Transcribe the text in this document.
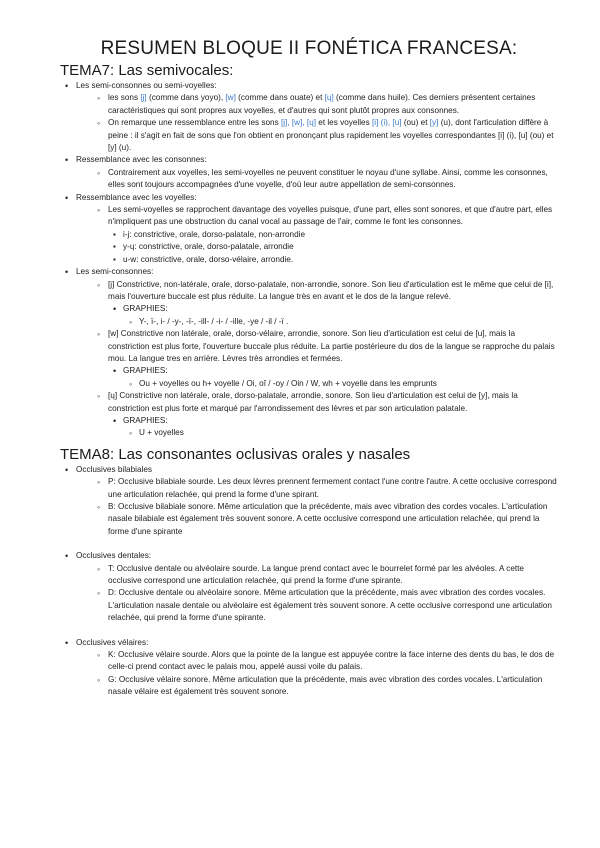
RESUMEN BLOQUE II FONÉTICA FRANCESA:
TEMA7: Las semivocales:
• Les semi-consonnes ou semi-voyelles:
◦ les sons [j] (comme dans yoyo), [w] (comme dans ouate) et [ɥ] (comme dans huile). Ces derniers présentent certaines caractéristiques qui sont propres aux voyelles, et d'autres qui sont plutôt propres aux consonnes.
◦ On remarque une ressemblance entre les sons [j], [w], [ɥ] et les voyelles [i] (i), [u] (ou) et [y] (u), dont l'articulation diffère à peine : il s'agit en fait de sons que l'on obtient en prononçant plus rapidement les voyelles correspondantes [i] (i), [u] (ou) et [y] (u).
• Ressemblance avec les consonnes:
◦ Contrairement aux voyelles, les semi-voyelles ne peuvent constituer le noyau d'une syllabe. Ainsi, comme les consonnes, elles sont toujours accompagnées d'une voyelle, d'où leur autre appellation de semi-consonnes.
• Ressemblance avec les voyelles:
◦ Les semi-voyelles se rapprochent davantage des voyelles puisque, d'une part, elles sont sonores, et que d'autre part, elles n'impliquent pas une obstruction du canal vocal au passage de l'air, comme le font les consonnes.
▪ i-j: constrictive, orale, dorso-palatale, non-arrondie
▪ y-ɥ: constrictive, orale, dorso-palatale, arrondie
▪ u-w: constrictive, orale, dorso-vélaire, arrondie.
• Les semi-consonnes:
◦ [j] Constrictive, non-latérale, orale, dorso-palatale, non-arrondie, sonore. Son lieu d'articulation est le même que celui de [i], mais l'ouverture buccale est plus réduite. La langue très en avant et le dos de la langue relevé.
• GRAPHIES:
◦ Y-, ï-, i- / -y-, -ï-, -ill- / -i- / -ille, -ye / -il / -ï .
◦ [w] Constrictive non latérale, orale, dorso-vélaire, arrondie, sonore. Son lieu d'articulation est celui de [u], mais la constriction est plus forte, l'ouverture buccale plus réduite. La partie postérieure du dos de la langue se rapproche du palais mou. La langue tres en arrière. Lèvres très arrondies et fermées.
• GRAPHIES:
◦ Ou + voyelles ou h+ voyelle / Oi, oî / -oy / Oin / W, wh + voyelle dans les emprunts
◦ [ɥ] Constrictive non latérale, orale, dorso-palatale, arrondie, sonore. Son lieu d'articulation est celui de [y], mais la constriction est plus forte et marqué par l'arrondissement des lèvres et par son articulation palatale.
• GRAPHIES:
◦ U + voyelles
TEMA8: Las consonantes oclusivas orales y nasales
• Occlusives bilabiales
◦ P: Occlusive bilabiale sourde. Les deux lèvres prennent fermement contact l'une contre l'autre. A cette occlusive correspond une articulation relachée, qui prend la forme d'une spirant.
◦ B: Occlusive bilabiale sonore. Même articulation que la précédente, mais avec vibration des cordes vocales. L'articulation nasale bilabiale est également très souvent sonore. A cette occlusive correspond une articulation relachée, qui prend la forme d'une spirante
• Occlusives dentales:
◦ T: Occlusive dentale ou alvéolaire sourde. La langue prend contact avec le bourrelet formé par les alvéoles. A cette occlusive correspond une articulation relachée, qui prend la forme d'une spirante.
◦ D: Occlusive dentale ou alvéolaire sonore. Même articulation que la précédente, mais avec vibration des cordes vocales. L'articulation nasale dentale ou alvéolaire est également très souvent sonore. A cette occlusive correspond une articulation relachée, qui prend la forme d'une spirante.
• Occlusives vélaires:
◦ K: Occlusive vélaire sourde. Alors que la pointe de la langue est appuyée contre la face interne des dents du bas, le dos de celle-ci prend contact avec le palais mou, appelé aussi voile du palais.
◦ G: Occlusive vélaire sonore. Même articulation que la précédente, mais avec vibration des cordes vocales. L'articulation nasale vélaire est également très souvent sonore.
